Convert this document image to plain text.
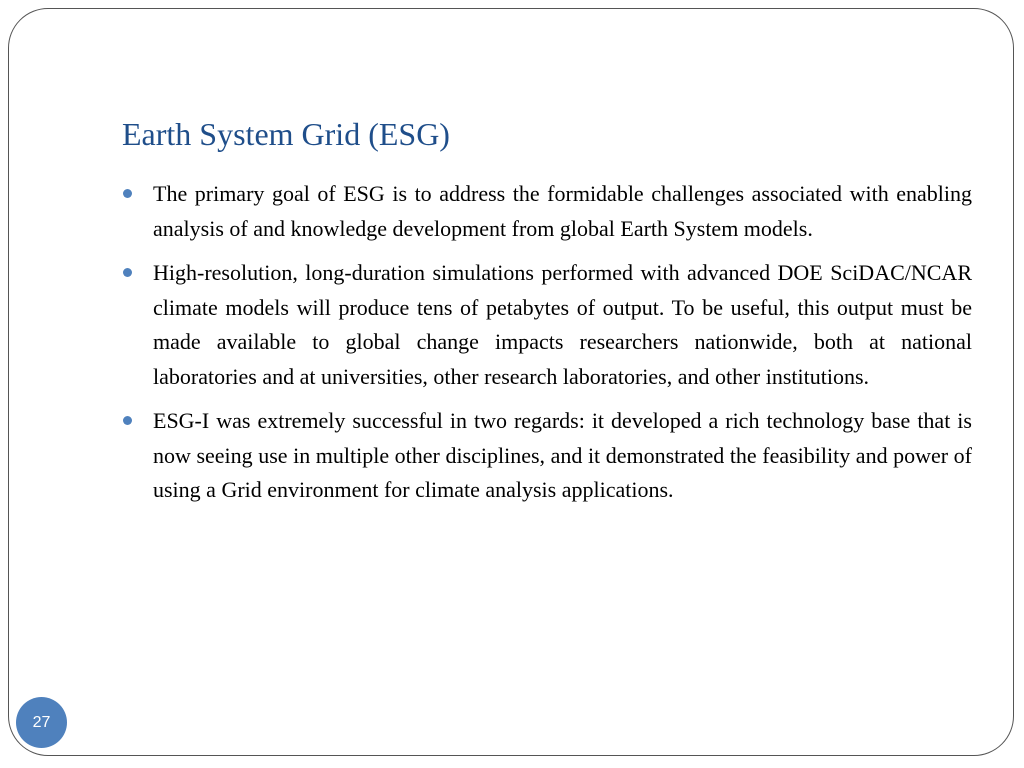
Earth System Grid (ESG)
The primary goal of ESG is to address the formidable challenges associated with enabling analysis of and knowledge development from global Earth System models.
High-resolution, long-duration simulations performed with advanced DOE SciDAC/NCAR climate models will produce tens of petabytes of output. To be useful, this output must be made available to global change impacts researchers nationwide, both at national laboratories and at universities, other research laboratories, and other institutions.
ESG-I was extremely successful in two regards: it developed a rich technology base that is now seeing use in multiple other disciplines, and it demonstrated the feasibility and power of using a Grid environment for climate analysis applications.
27
